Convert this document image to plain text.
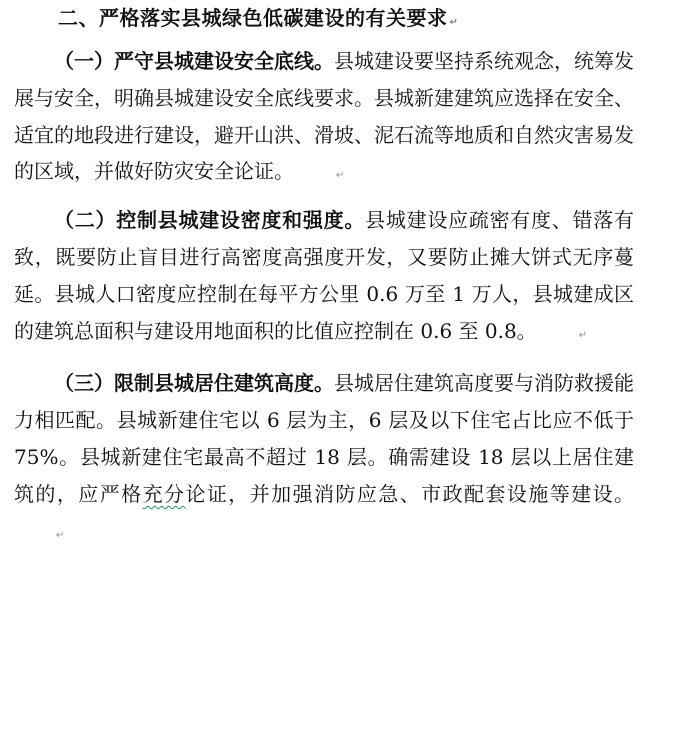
二、严格落实县城绿色低碳建设的有关要求↵

（一）严守县城建设安全底线。县城建设要坚持系统观念，统筹发展与安全，明确县城建设安全底线要求。县城新建建筑应选择在安全、适宜的地段进行建设，避开山洪、滑坡、泥石流等地质和自然灾害易发的区域，并做好防灾安全论证。↵

（二）控制县城建设密度和强度。县城建设应疏密有度、错落有致，既要防止盲目进行高密度高强度开发，又要防止摊大饼式无序蔓延。县城人口密度应控制在每平方公里 0.6 万至 1 万人，县城建成区的建筑总面积与建设用地面积的比值应控制在 0.6 至 0.8。↵

（三）限制县城居住建筑高度。县城居住建筑高度要与消防救援能力相匹配。县城新建住宅以 6 层为主，6 层及以下住宅占比应不低于 75%。县城新建住宅最高不超过 18 层。确需建设 18 层以上居住建筑的，应严格充分论证，并加强消防应急、市政配套设施等建设。↵
